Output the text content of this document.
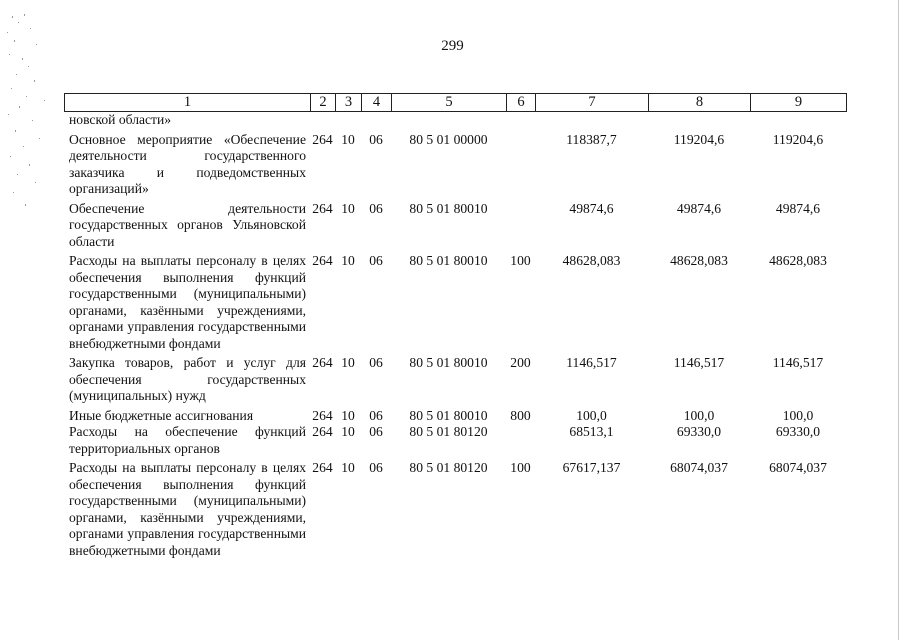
299
1	2	3	4	5	6	7	8	9
новской области»								
Основное мероприятие «Обеспечение деятельности государственного заказчика и подведомственных организаций»	264	10	06	80 5 01 00000		118387,7	119204,6	119204,6
Обеспечение деятельности государственных органов Ульяновской области	264	10	06	80 5 01 80010		49874,6	49874,6	49874,6
Расходы на выплаты персоналу в целях обеспечения выполнения функций государственными (муниципальными) органами, казёнными учреждениями, органами управления государственными внебюджетными фондами	264	10	06	80 5 01 80010	100	48628,083	48628,083	48628,083
Закупка товаров, работ и услуг для обеспечения государственных (муниципальных) нужд	264	10	06	80 5 01 80010	200	1146,517	1146,517	1146,517
Иные бюджетные ассигнования	264	10	06	80 5 01 80010	800	100,0	100,0	100,0
Расходы на обеспечение функций территориальных органов	264	10	06	80 5 01 80120		68513,1	69330,0	69330,0
Расходы на выплаты персоналу в целях обеспечения выполнения функций государственными (муниципальными) органами, казёнными учреждениями, органами управления государственными внебюджетными фондами	264	10	06	80 5 01 80120	100	67617,137	68074,037	68074,037
